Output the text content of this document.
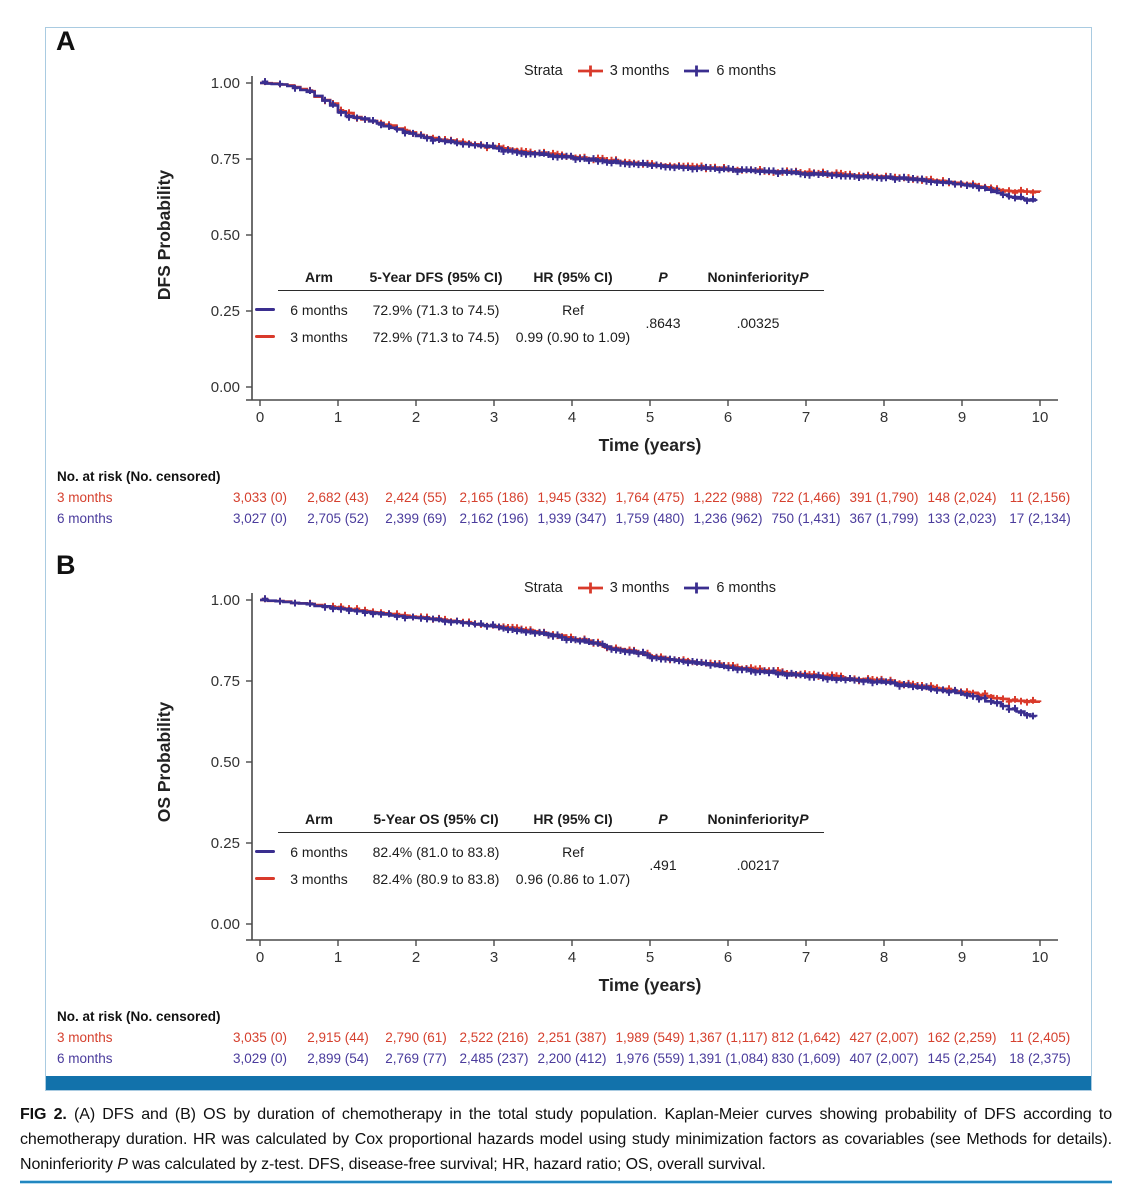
1.00
0.75
0.50
0.25
0.00
0	1	2	3	4	5	6	7	8	9	10
Time (years)
DFS Probability
1.00
0.75
0.50
0.25
0.00
0	1	2	3	4	5	6	7	8	9	10
Time (years)
OS Probability
A
Strata	3 months	6 months
Arm	5-Year DFS (95% CI)	HR (95% CI)	P	Noninferiority P
6 months	72.9% (71.3 to 74.5)	Ref
3 months	72.9% (71.3 to 74.5)	0.99 (0.90 to 1.09)
.8643	.00325
No. at risk (No. censored)
3 months	3,033 (0)	2,682 (43)	2,424 (55) 2,165 (186) 1,945 (332) 1,764 (475) 1,222 (988) 722 (1,466) 391 (1,790) 148 (2,024) 11 (2,156)
6 months	3,027 (0)	2,705 (52)	2,399 (69) 2,162 (196) 1,939 (347) 1,759 (480) 1,236 (962) 750 (1,431) 367 (1,799) 133 (2,023) 17 (2,134)
B
Strata	3 months	6 months
Arm	5-Year OS (95% CI)	HR (95% CI)	P	Noninferiority P
6 months	82.4% (81.0 to 83.8)	Ref
3 months	82.4% (80.9 to 83.8)	0.96 (0.86 to 1.07)
.491	.00217
No. at risk (No. censored)
3 months	3,035 (0)	2,915 (44)	2,790 (61) 2,522 (216) 2,251 (387) 1,989 (549) 1,367 (1,117) 812 (1,642) 427 (2,007) 162 (2,259) 11 (2,405)
6 months	3,029 (0)	2,899 (54)	2,769 (77) 2,485 (237) 2,200 (412) 1,976 (559) 1,391 (1,084) 830 (1,609) 407 (2,007) 145 (2,254) 18 (2,375)

FIG 2. (A) DFS and (B) OS by duration of chemotherapy in the total study population. Kaplan-Meier curves showing probability of DFS according to chemotherapy duration. HR was calculated by Cox proportional hazards model using study minimization factors as covariables (see Methods for details). Noninferiority P was calculated by z-test. DFS, disease-free survival; HR, hazard ratio; OS, overall survival.
